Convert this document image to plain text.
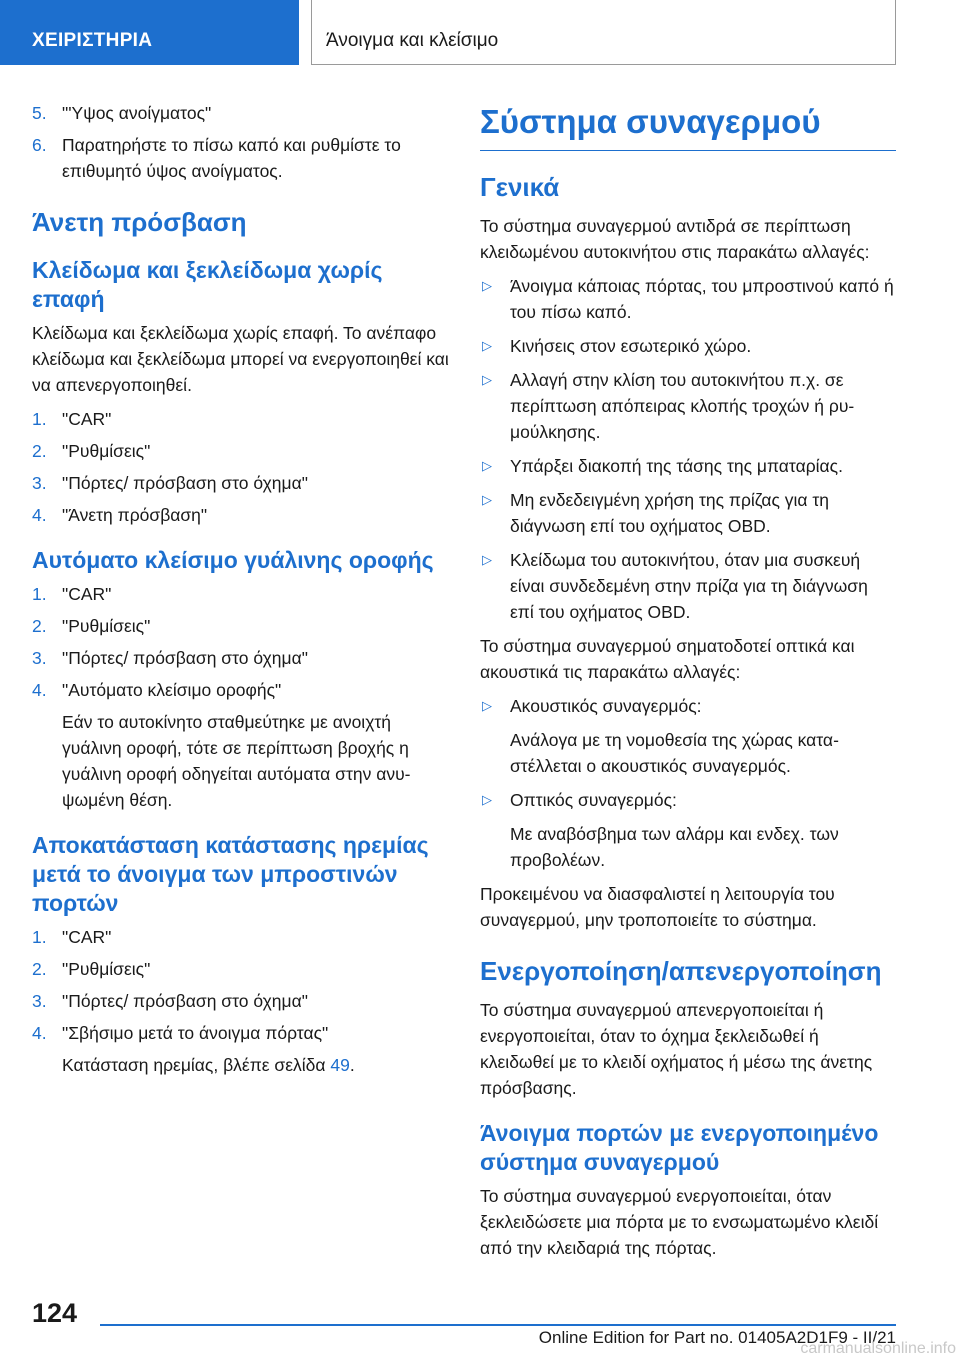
ΧΕΙΡΙΣΤΗΡΙΑ	Άνοιγμα και κλείσιμο
5. "'Υψος ανοίγματος"
6. Παρατηρήστε το πίσω καπό και ρυθμίστε το επιθυμητό ύψος ανοίγματος.
Άνετη πρόσβαση
Κλείδωμα και ξεκλείδωμα χωρίς επαφή

Κλείδωμα και ξεκλείδωμα χωρίς επαφή. Το ανέπαφο κλείδωμα και ξεκλείδωμα μπορεί να ενεργοποιηθεί και να απενεργοποιηθεί.

1. "CAR"
2. "Ρυθμίσεις"
3. "Πόρτες/ πρόσβαση στο όχημα"
4. "Άνετη πρόσβαση"
Αυτόματο κλείσιμο γυάλινης οροφής
1. "CAR"
2. "Ρυθμίσεις"
3. "Πόρτες/ πρόσβαση στο όχημα"
4. "Αυτόματο κλείσιμο οροφής"
Εάν το αυτοκίνητο σταθμεύτηκε με ανοιχτή γυάλινη οροφή, τότε σε περίπτωση βροχής η γυάλινη οροφή οδηγείται αυτόματα στην ανυψωμένη θέση.
Αποκατάσταση κατάστασης ηρεμίας μετά το άνοιγμα των μπροστινών πορτών
1. "CAR"
2. "Ρυθμίσεις"
3. "Πόρτες/ πρόσβαση στο όχημα"
4. "Σβήσιμο μετά το άνοιγμα πόρτας"
Κατάσταση ηρεμίας, βλέπε σελίδα 49.
Σύστημα συναγερμού
Γενικά

Το σύστημα συναγερμού αντιδρά σε περίπτωση κλειδωμένου αυτοκινήτου στις παρακάτω αλλαγές:

▷	Άνοιγμα κάποιας πόρτας, του μπροστινού καπό ή του πίσω καπό.
▷	Κινήσεις στον εσωτερικό χώρο.
▷	Αλλαγή στην κλίση του αυτοκινήτου π.χ. σε περίπτωση απόπειρας κλοπής τροχών ή ρυμούλκησης.
▷	Υπάρξει διακοπή της τάσης της μπαταρίας.
▷	Μη ενδεδειγμένη χρήση της πρίζας για τη διάγνωση επί του οχήματος OBD.
▷	Κλείδωμα του αυτοκινήτου, όταν μια συσκευή είναι συνδεδεμένη στην πρίζα για τη διάγνωση επί του οχήματος OBD.

Το σύστημα συναγερμού σηματοδοτεί οπτικά και ακουστικά τις παρακάτω αλλαγές:

▷	Ακουστικός συναγερμός:
Ανάλογα με τη νομοθεσία της χώρας καταστέλλεται ο ακουστικός συναγερμός.
▷	Οπτικός συναγερμός:
Με αναβόσβημα των αλάρμ και ενδεχ. των προβολέων.

Προκειμένου να διασφαλιστεί η λειτουργία του συναγερμού, μην τροποποιείτε το σύστημα.

Ενεργοποίηση/απενεργοποίηση

Το σύστημα συναγερμού απενεργοποιείται ή ενεργοποιείται, όταν το όχημα ξεκλειδωθεί ή κλειδωθεί με το κλειδί οχήματος ή μέσω της άνετης πρόσβασης.

Άνοιγμα πορτών με ενεργοποιημένο σύστημα συναγερμού

Το σύστημα συναγερμού ενεργοποιείται, όταν ξεκλειδώσετε μια πόρτα με το ενσωματωμένο κλειδί από την κλειδαριά της πόρτας.

124
Online Edition for Part no. 01405A2D1F9 - II/21
carmanualsonline.info
